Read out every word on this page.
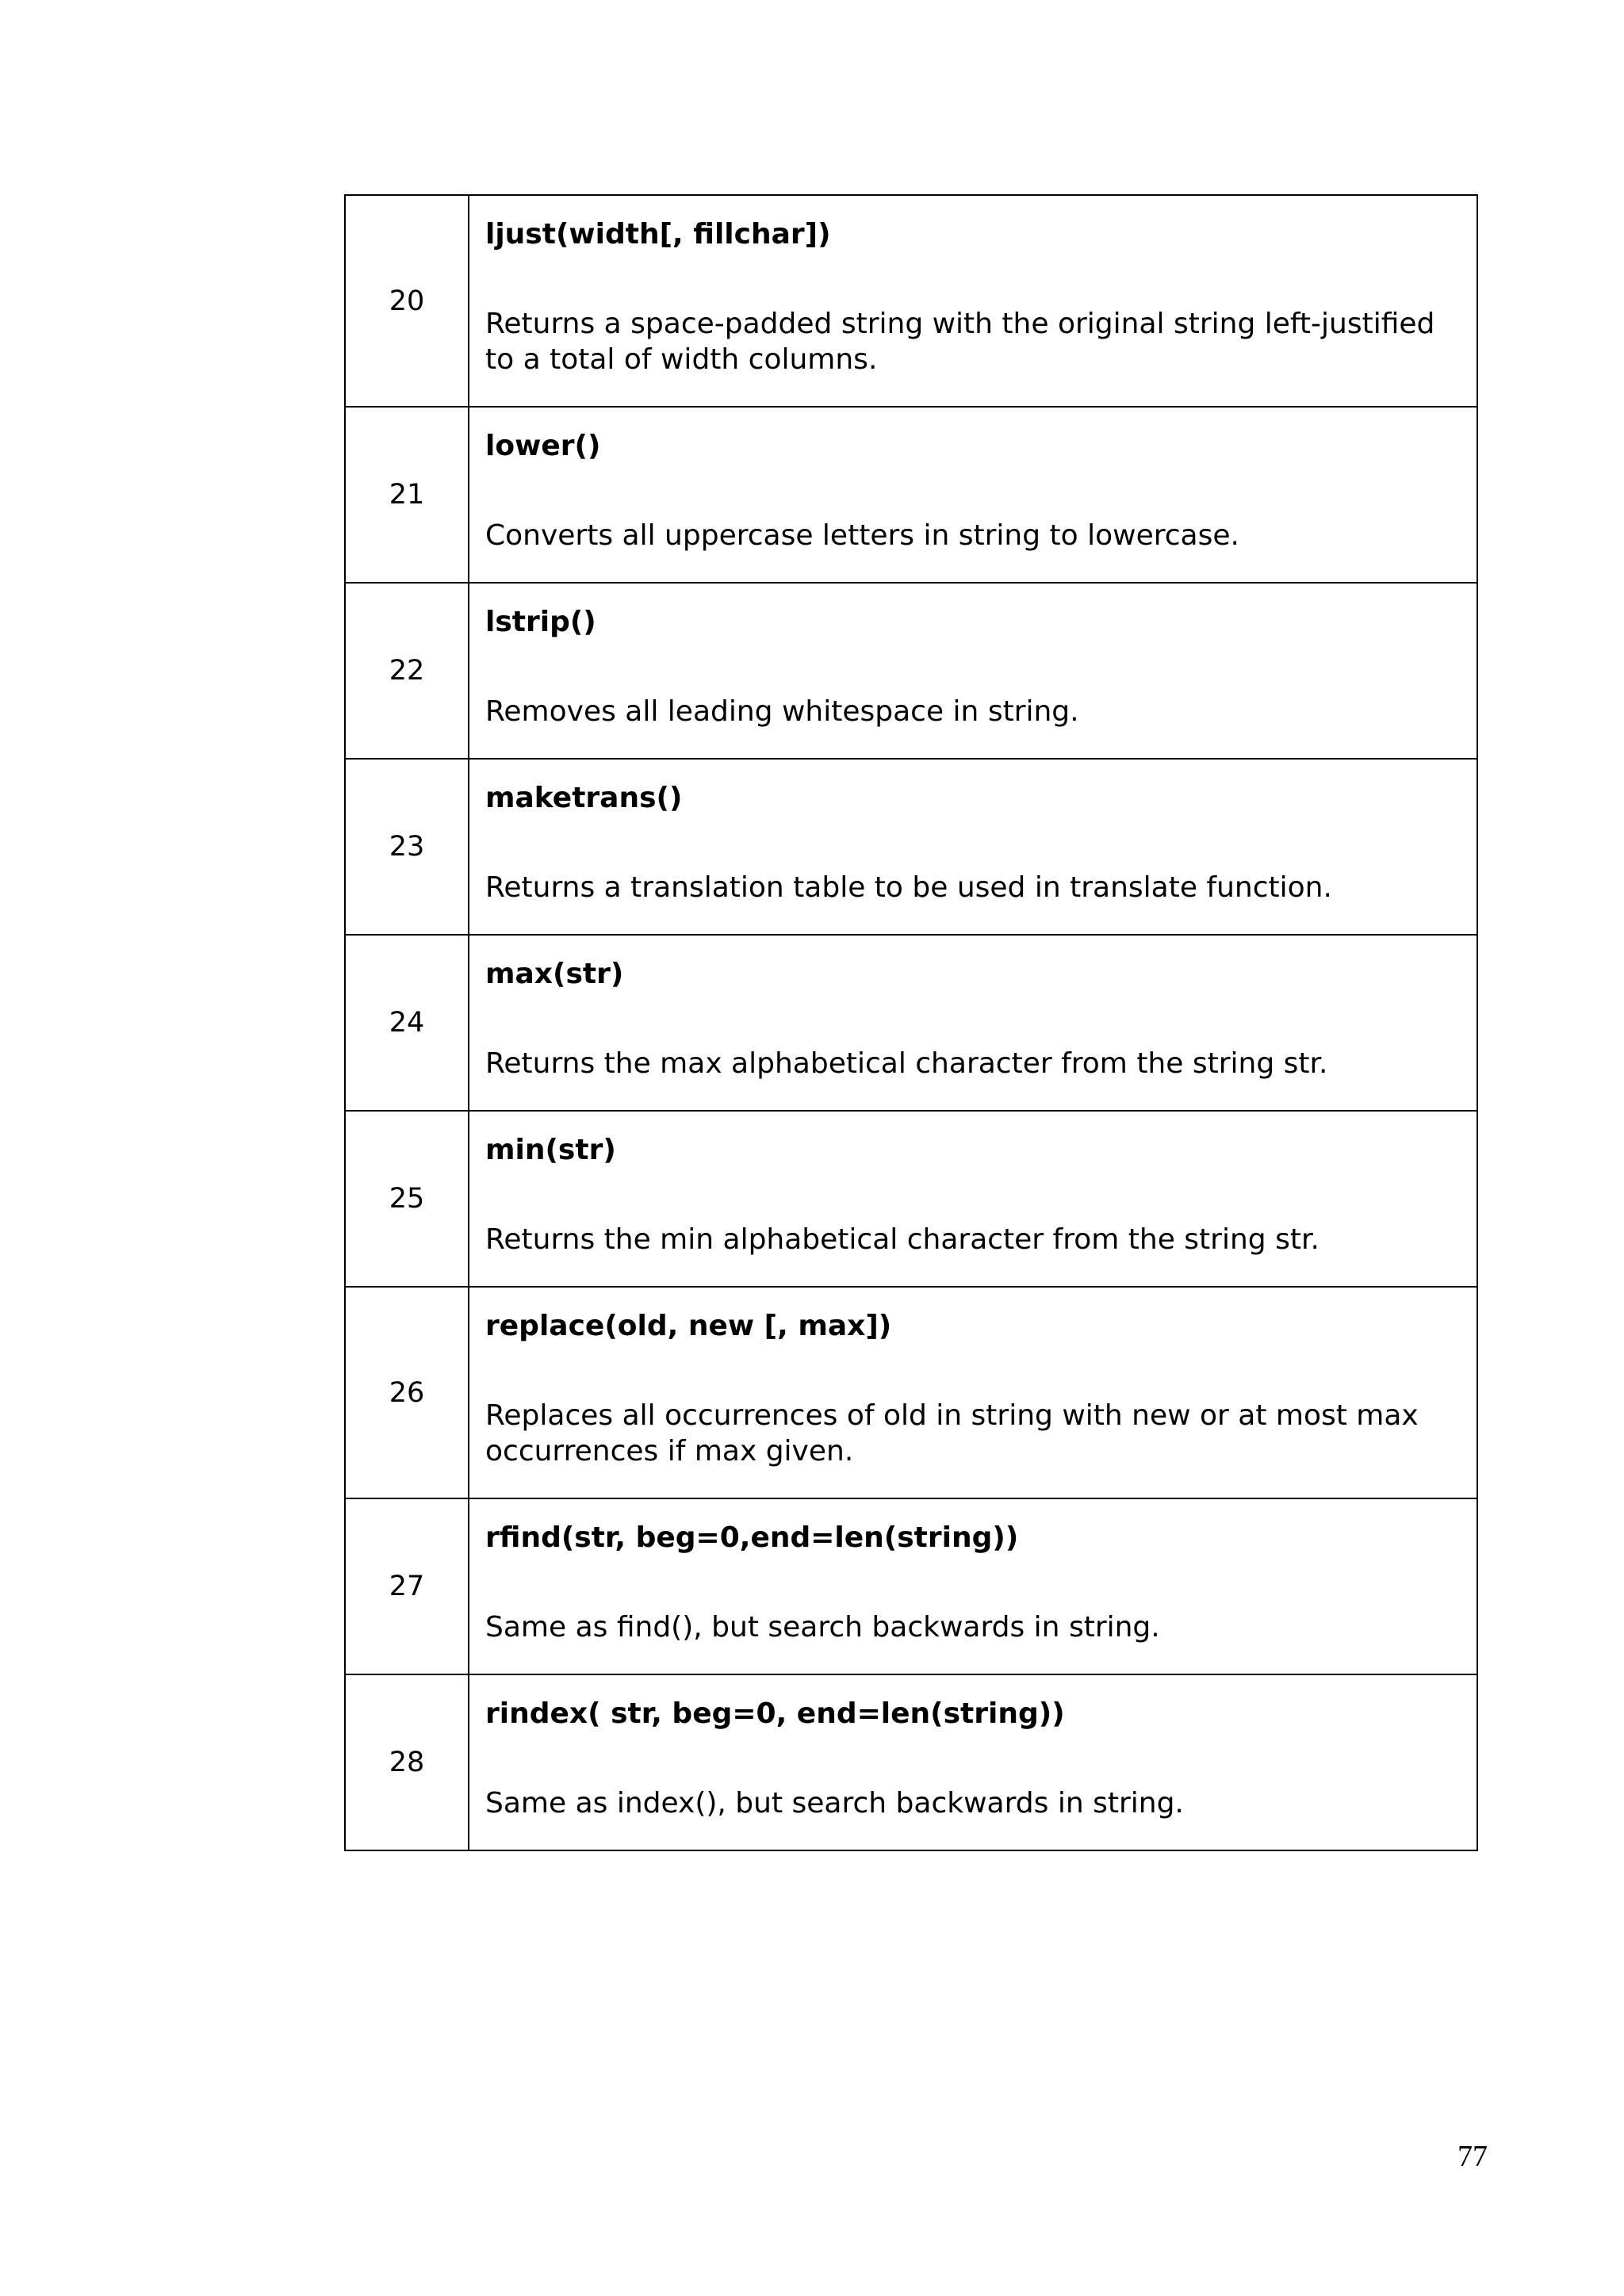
20	ljust(width[, fillchar])

Returns a space-padded string with the original string left-justified to a total of width columns.

21	lower()

Converts all uppercase letters in string to lowercase.

22	lstrip()

Removes all leading whitespace in string.

23	maketrans()

Returns a translation table to be used in translate function.

24	max(str)

Returns the max alphabetical character from the string str.

25	min(str)

Returns the min alphabetical character from the string str.

26	replace(old, new [, max])

Replaces all occurrences of old in string with new or at most max occurrences if max given.

27	rfind(str, beg=0,end=len(string))

Same as find(), but search backwards in string.

28	rindex( str, beg=0, end=len(string))

Same as index(), but search backwards in string.

77
